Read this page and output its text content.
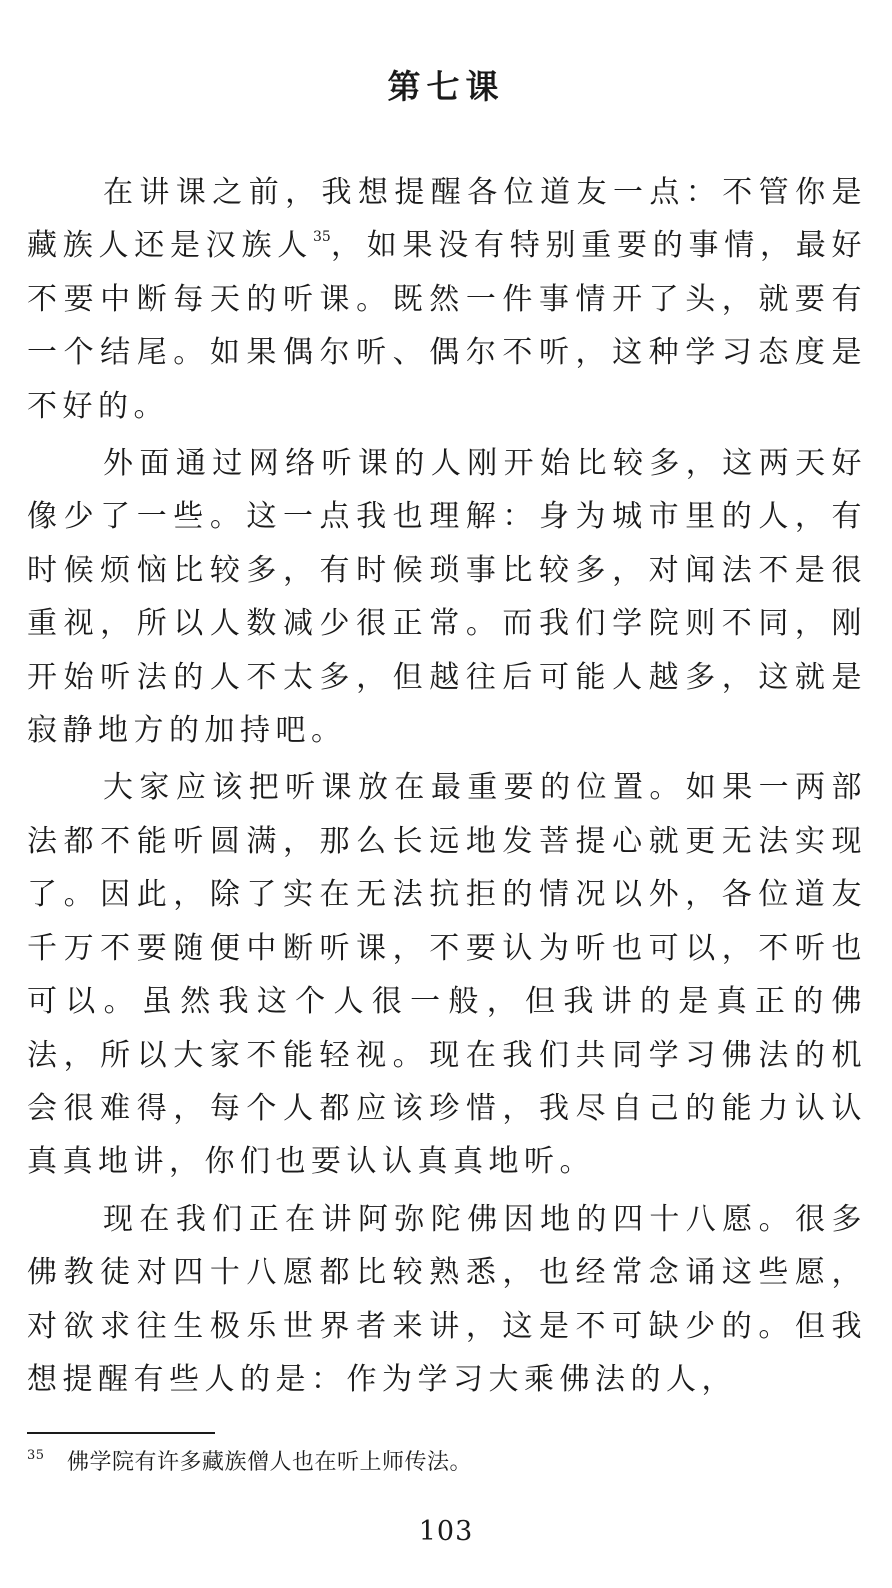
第七课

在讲课之前，我想提醒各位道友一点：不管你是藏族人还是汉族人$^{35}$，如果没有特别重要的事情，最好不要中断每天的听课。既然一件事情开了头，就要有一个结尾。如果偶尔听、偶尔不听，这种学习态度是不好的。

外面通过网络听课的人刚开始比较多，这两天好像少了一些。这一点我也理解：身为城市里的人，有时候烦恼比较多，有时候琐事比较多，对闻法不是很重视，所以人数减少很正常。而我们学院则不同，刚开始听法的人不太多，但越往后可能人越多，这就是寂静地方的加持吧。

大家应该把听课放在最重要的位置。如果一两部法都不能听圆满，那么长远地发菩提心就更无法实现了。因此，除了实在无法抗拒的情况以外，各位道友千万不要随便中断听课，不要认为听也可以，不听也可以。虽然我这个人很一般，但我讲的是真正的佛法，所以大家不能轻视。现在我们共同学习佛法的机会很难得，每个人都应该珍惜，我尽自己的能力认认真真地讲，你们也要认认真真地听。

现在我们正在讲阿弥陀佛因地的四十八愿。很多佛教徒对四十八愿都比较熟悉，也经常念诵这些愿，对欲求往生极乐世界者来讲，这是不可缺少的。但我想提醒有些人的是：作为学习大乘佛法的人，

35 佛学院有许多藏族僧人也在听上师传法。
103
